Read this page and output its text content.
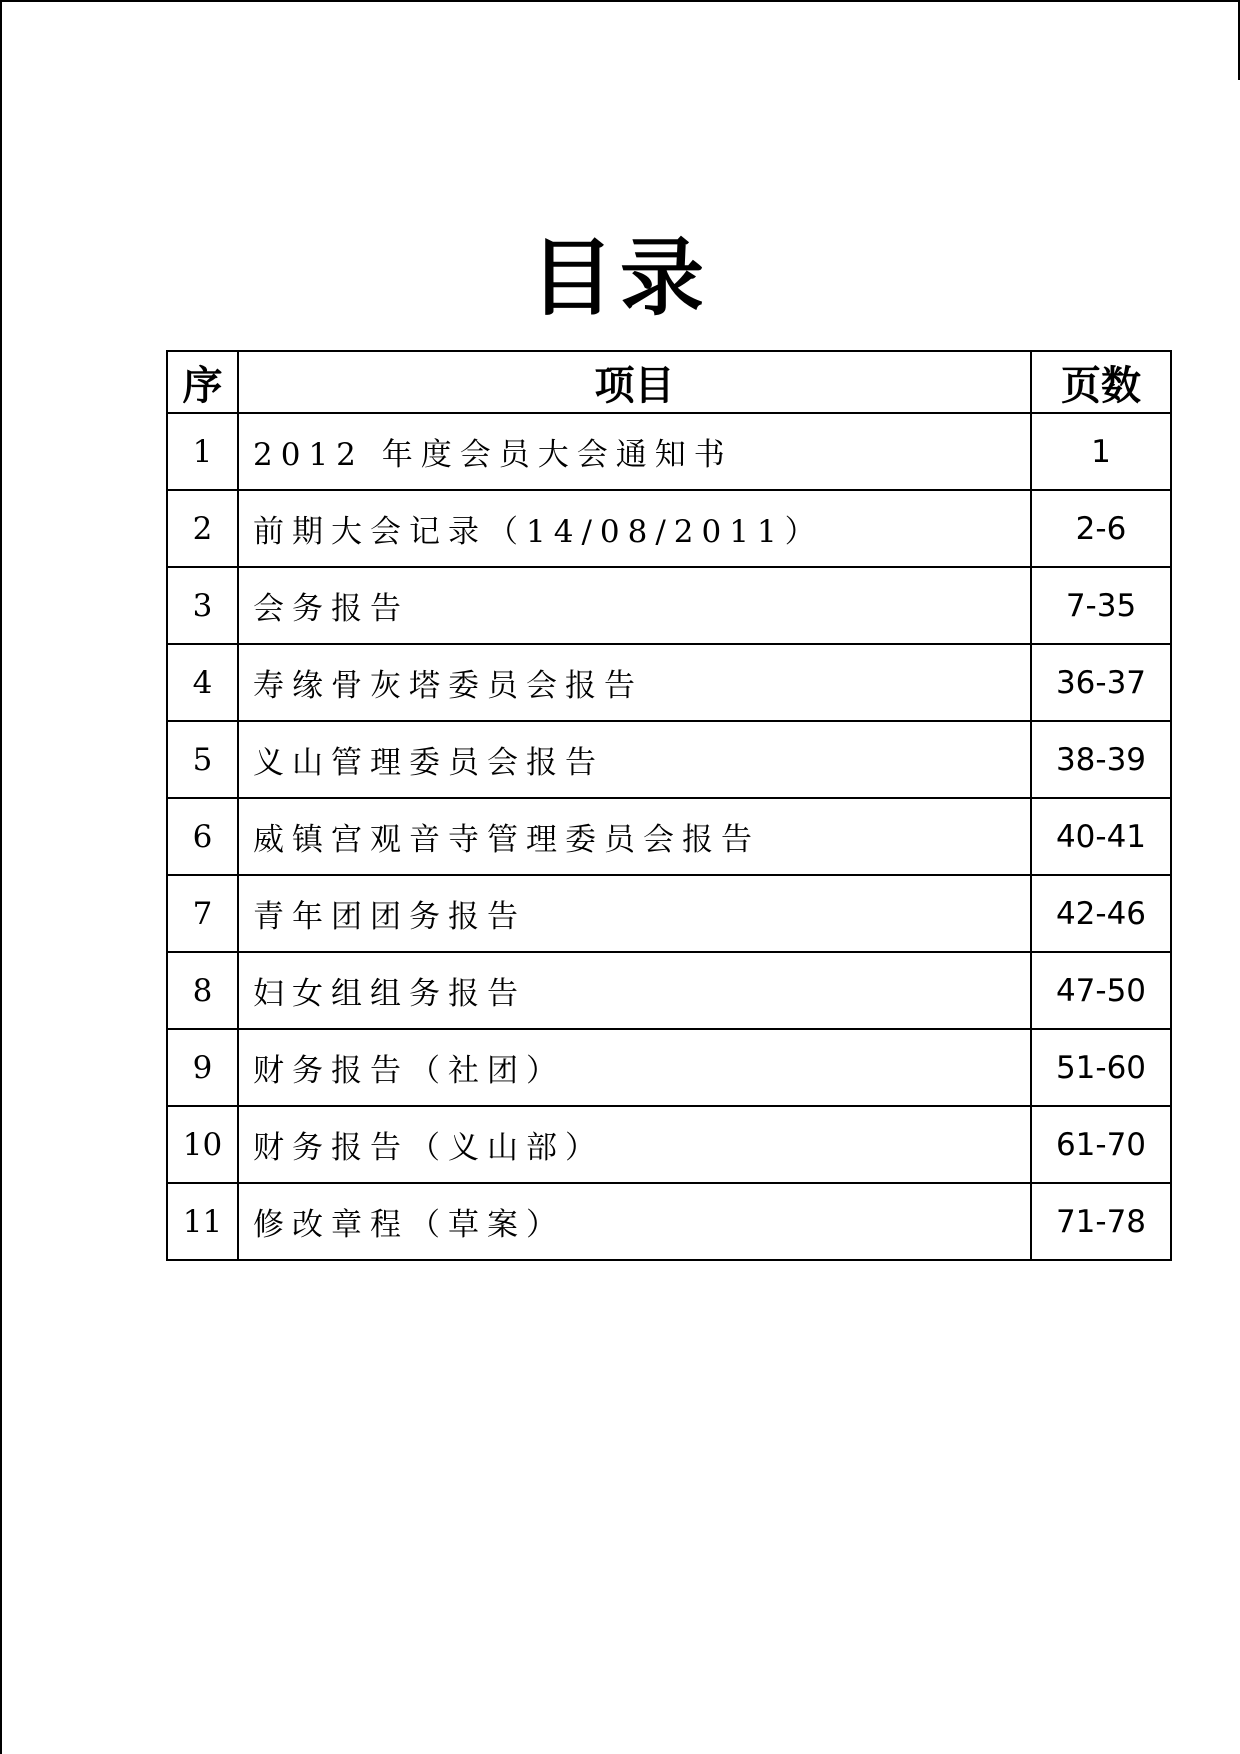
目录
序	项目	页数
1	2012 年度会员大会通知书	1
2	前期大会记录（14/08/2011）	2-6
3	会务报告	7-35
4	寿缘骨灰塔委员会报告	36-37
5	义山管理委员会报告	38-39
6	威镇宫观音寺管理委员会报告	40-41
7	青年团团务报告	42-46
8	妇女组组务报告	47-50
9	财务报告（社团）	51-60
10	财务报告（义山部）	61-70
11	修改章程（草案）	71-78
